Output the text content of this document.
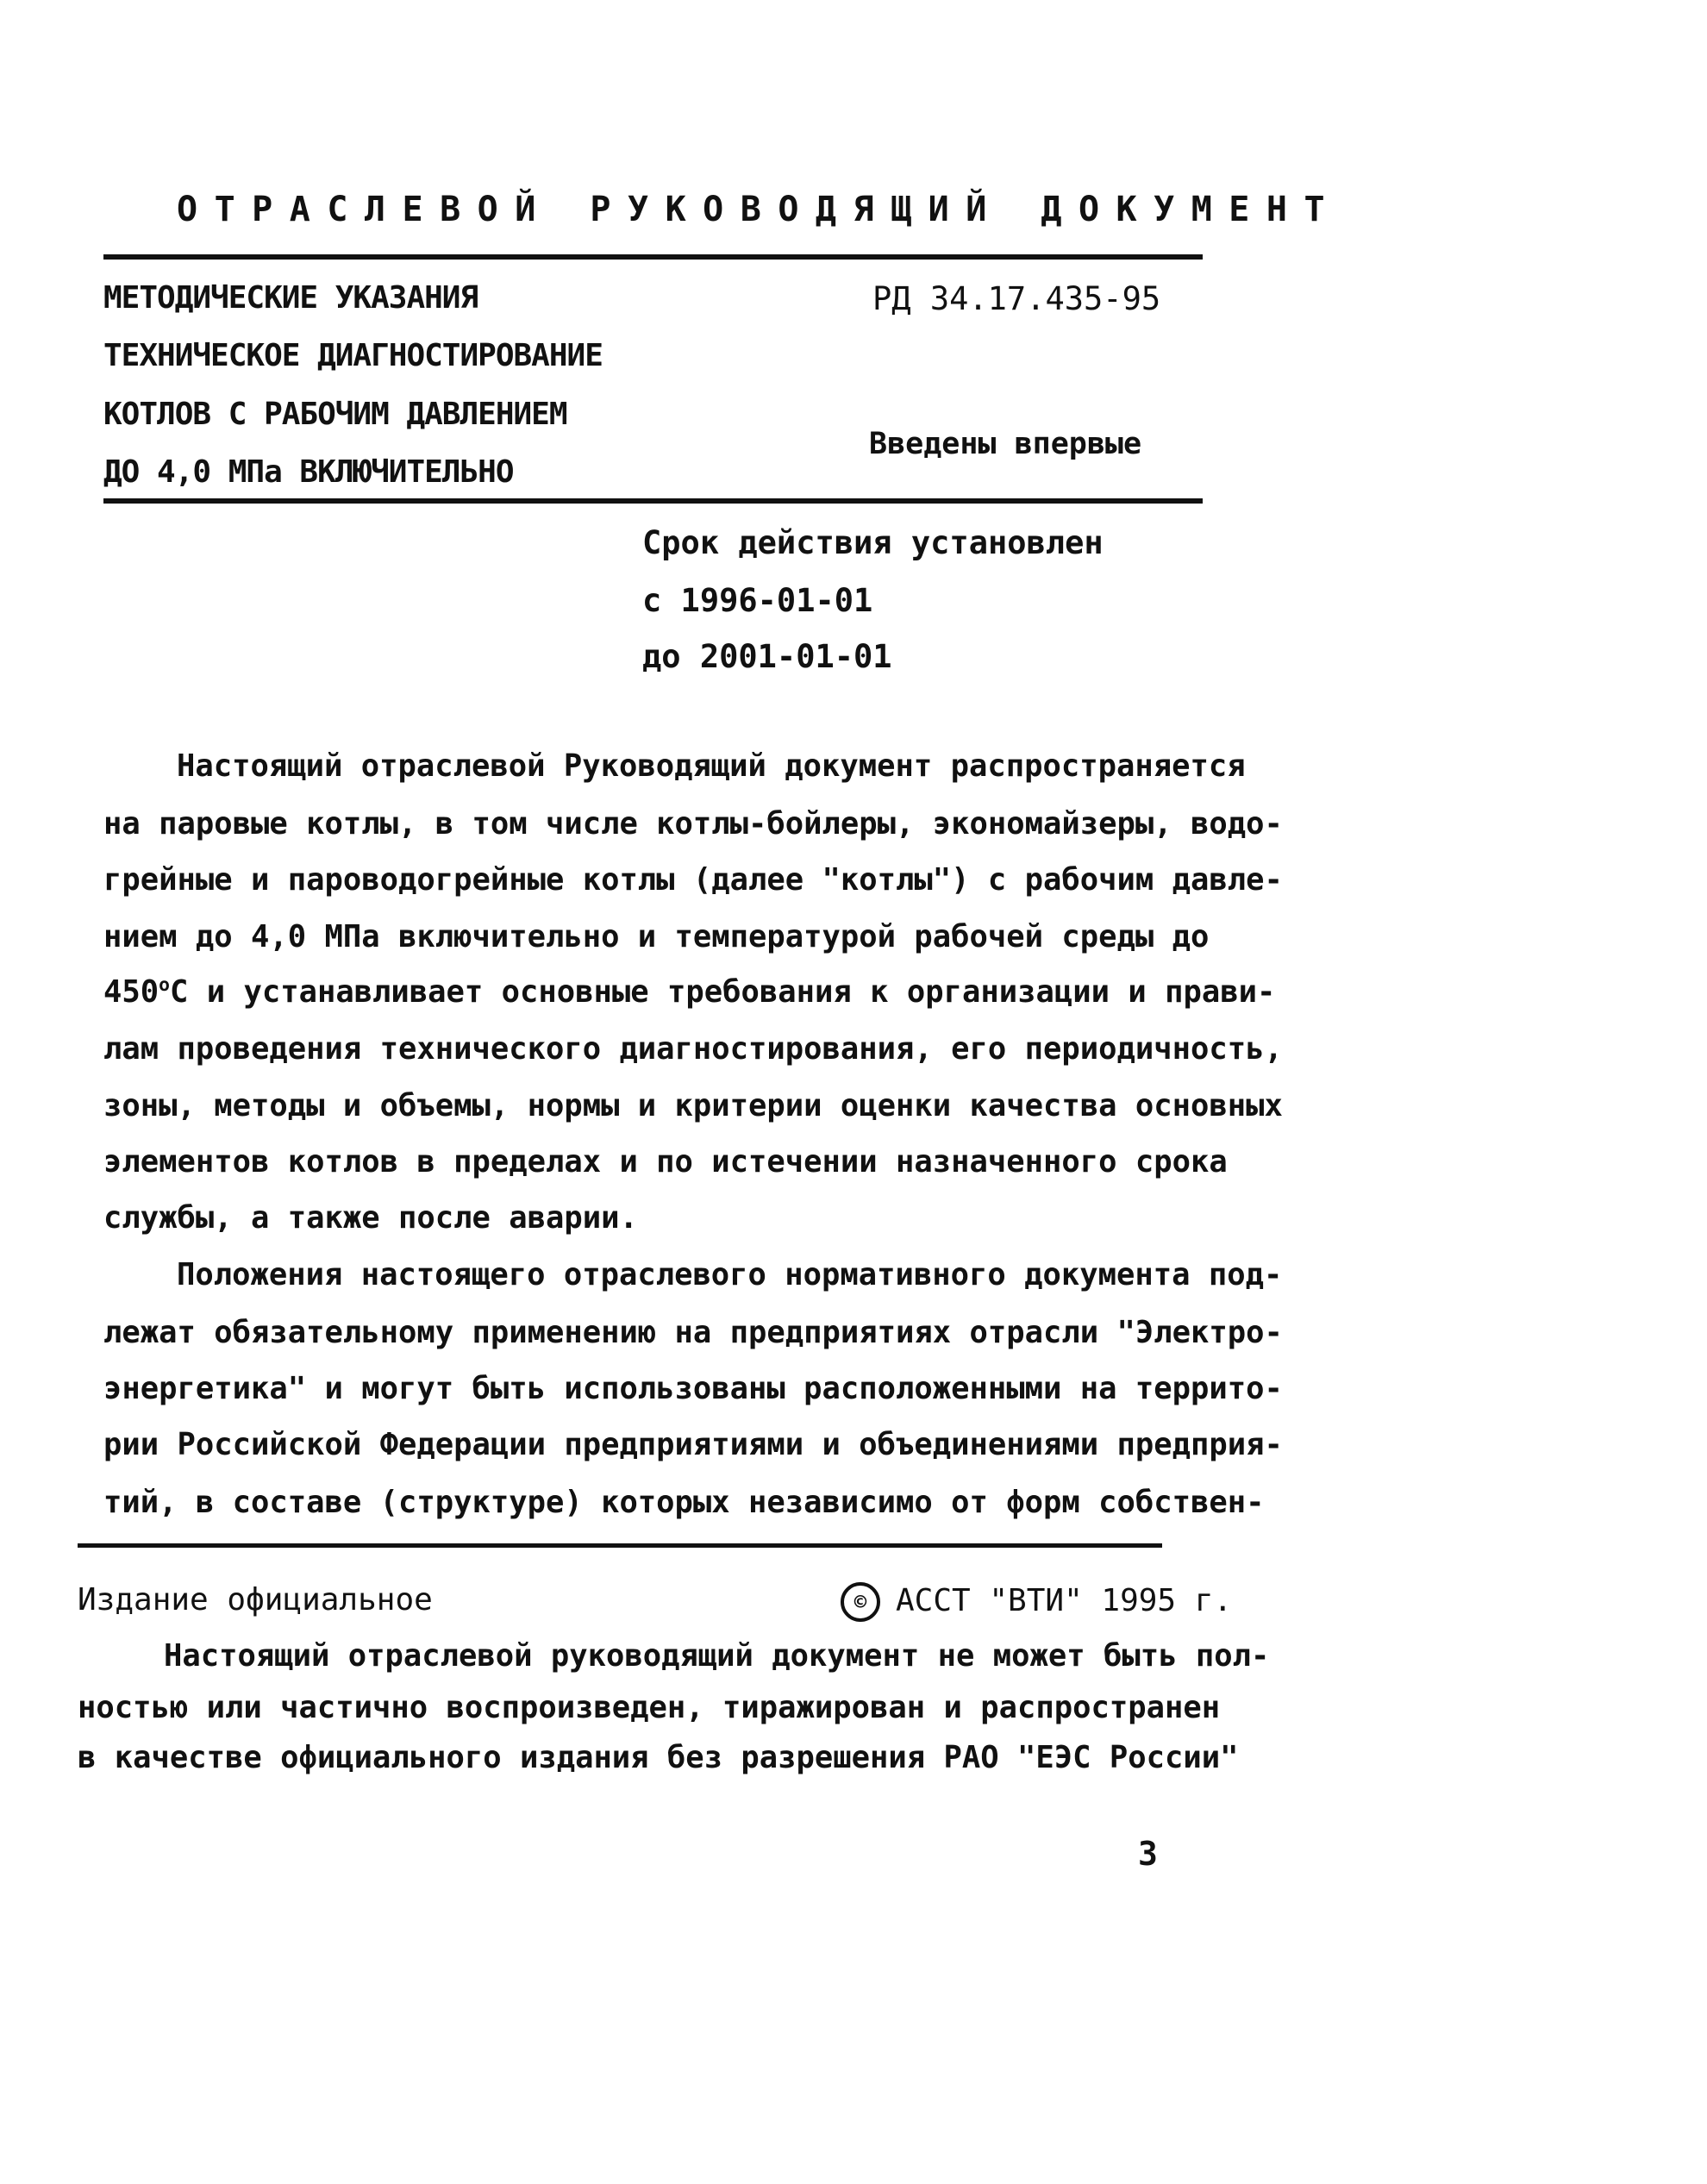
ОТРАСЛЕВОЙ РУКОВОДЯЩИЙ ДОКУМЕНТ
МЕТОДИЧЕСКИЕ УКАЗАНИЯ
ТЕХНИЧЕСКОЕ ДИАГНОСТИРОВАНИЕ
КОТЛОВ С РАБОЧИМ ДАВЛЕНИЕМ
ДО 4,0 МПа ВКЛЮЧИТЕЛЬНО
РД 34.17.435-95
Введены впервые
Срок действия установлен
с 1996-01-01
до 2001-01-01
Настоящий отраслевой Руководящий документ распространяется
на паровые котлы, в том числе котлы-бойлеры, экономайзеры, водо-
грейные и пароводогрейные котлы (далее "котлы") с рабочим давле-
нием до 4,0 МПа включительно и температурой рабочей среды до
450$^o$C и устанавливает основные требования к организации и прави-
лам проведения технического диагностирования, его периодичность,
зоны, методы и объемы, нормы и критерии оценки качества основных
элементов котлов в пределах и по истечении назначенного срока
службы, а также после аварии.
Положения настоящего отраслевого нормативного документа под-
лежат обязательному применению на предприятиях отрасли "Электро-
энергетика" и могут быть использованы расположенными на террито-
рии Российской Федерации предприятиями и объединениями предприя-
тий, в составе (структуре) которых независимо от форм собствен-
Издание официальное	© АССТ "ВТИ" 1995 г.
Настоящий отраслевой руководящий документ не может быть пол-
ностью или частично воспроизведен, тиражирован и распространен
в качестве официального издания без разрешения РАО "ЕЭС России"
3
